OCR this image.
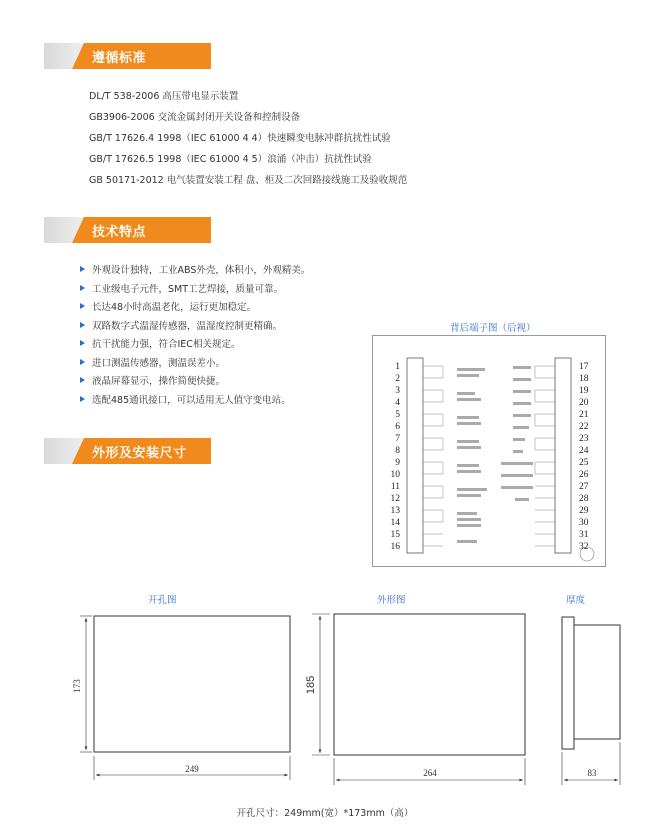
遵循标准
DL/T 538-2006 高压带电显示装置
GB3906-2006 交流金属封闭开关设备和控制设备
GB/T 17626.4 1998（IEC 61000 4 4）快速瞬变电脉冲群抗扰性试验
GB/T 17626.5 1998（IEC 61000 4 5）浪涌（冲击）抗扰性试验
GB 50171-2012 电气装置安装工程 盘、柜及二次回路接线施工及验收规范
技术特点
外观设计独特，工业ABS外壳，体积小，外观精美。
工业级电子元件，SMT工艺焊接，质量可靠。
长达48小时高温老化，运行更加稳定。
双路数字式温湿传感器，温湿度控制更精确。
抗干扰能力强，符合IEC相关规定。
进口测温传感器，测温误差小。
液晶屏幕显示，操作简便快捷。
选配485通讯接口，可以适用无人值守变电站。
背后端子图（后视）
1
2
3
4
5
6
7
8
9
10
11
12
13
14
15
16
17
18
19
20
21
22
23
24
25
26
27
28
29
30
31
32
外形及安装尺寸
开孔图	外形图	厚度
249
173
264
185
83
开孔尺寸：249mm(宽）*173mm（高）
